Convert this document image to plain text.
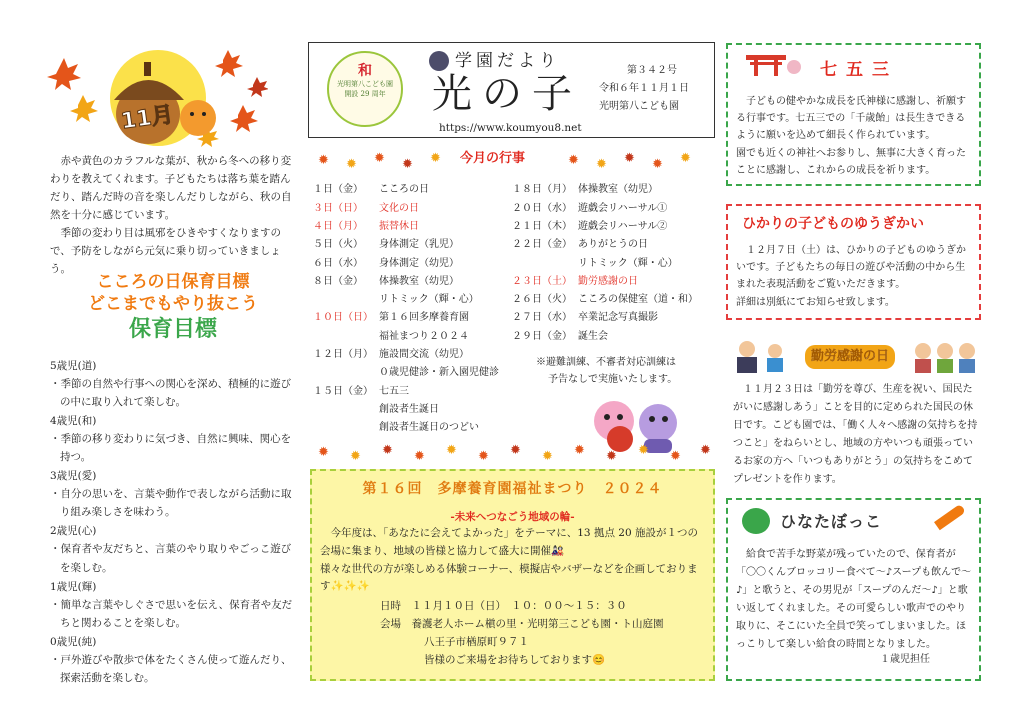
11月

赤や黄色のカラフルな葉が、秋から冬への移り変わりを教えてくれます。子どもたちは落ち葉を踏んだり、踏んだ時の音を楽しんだりしながら、秋の自然を十分に感じています。

季節の変わり目は風邪をひきやすくなりますので、予防をしながら元気に乗り切っていきましょう。

こころの日保育目標
どこまでもやり抜こう
保育目標
5歳児(道)
・季節の自然や行事への関心を深め、積極的に遊びの中に取り入れて楽しむ。
4歳児(和)
・季節の移り変わりに気づき、自然に興味、関心を持つ。
3歳児(愛)
・自分の思いを、言葉や動作で表しながら活動に取り組み楽しさを味わう。
2歳児(心)
・保育者や友だちと、言葉のやり取りやごっこ遊びを楽しむ。
1歳児(輝)
・簡単な言葉やしぐさで思いを伝え、保育者や友だちと関わることを楽しむ。
0歳児(純)
・戸外遊びや散歩で体をたくさん使って遊んだり、探索活動を楽しむ。
和
光明第八こども園
開設 29 周年
学園だより
光の子
https://www.koumyou8.net
第３４２号
令和６年１１月１日
光明第八こども園
✹ ✹ ✹ ✹ ✹	✹ ✹ ✹ ✹ ✹
今月の行事
１日（金）	こころの日
３日（日）	文化の日
４日（月）	振替休日
５日（火）	身体測定（乳児）
６日（水）	身体測定（幼児）
８日（金）	体操教室（幼児）
リトミック（輝・心）
１０日（日） 第１６回多摩養育園
福祉まつり２０２４
１２日（月） 施設間交流（幼児）
０歳児健診・新入園児健診
１５日（金） 七五三
創設者生誕日
創設者生誕日のつどい
１８日（月） 体操教室（幼児）
２０日（水） 遊戯会リハーサル①
２１日（木） 遊戯会リハーサル②
２２日（金） ありがとうの日
リトミック（輝・心）
２３日（土） 勤労感謝の日
２６日（火） こころの保健室（道・和）
２７日（水） 卒業記念写真撮影
２９日（金） 誕生会
※避難訓練、不審者対応訓練は
予告なしで実施いたします。
✹ ✹ ✹ ✹ ✹ ✹ ✹ ✹ ✹ ✹ ✹ ✹ ✹
第１６回　多摩養育園福祉まつり　２０２４
-未来へつなごう地域の輪-
今年度は、「あなたに会えてよかった」をテーマに、13 拠点 20 施設が１つの会場に集まり、地域の皆様と協力して盛大に開催🎎
様々な世代の方が楽しめる体験コーナー、模擬店やバザーなどを企画しております✨✨✨
日時　 １１月１０日（日）　１０：００～１５：３０
会場　 養護老人ホーム槇の里・光明第三こども園・ト山庭園
八王子市楢原町９７１
皆様のご来場をお待ちしております😊
七五三
子どもの健やかな成長を氏神様に感謝し、祈願する行事です。七五三での「千歳飴」は長生きできるように願いを込めて細長く作られています。
園でも近くの神社へお参りし、無事に大きく育ったことに感謝し、これからの成長を祈ります。
ひかりの子どものゆうぎかい
１２月７日（土）は、ひかりの子どものゆうぎかいです。子どもたちの毎日の遊びや活動の中から生まれた表現活動をご覧いただきます。
詳細は別紙にてお知らせ致します。
勤労感謝の日
１１月２３日は「勤労を尊び、生産を祝い、国民たがいに感謝しあう」ことを目的に定められた国民の休日です。こども園では、「働く人々へ感謝の気持ちを持つこと」をねらいとし、地域の方やいつも頑張っているお家の方へ「いつもありがとう」の気持ちをこめてプレゼントを作ります。
ひなたぼっこ
給食で苦手な野菜が残っていたので、保育者が「〇〇くんブロッコリー食べて～♪スープも飲んで～♪」と歌うと、その男児が「スープのんだ～♪」と歌い返してくれました。その可愛らしい歌声でのやり取りに、そこにいた全員で笑ってしまいました。ほっこりして楽しい給食の時間となりました。
１歳児担任
